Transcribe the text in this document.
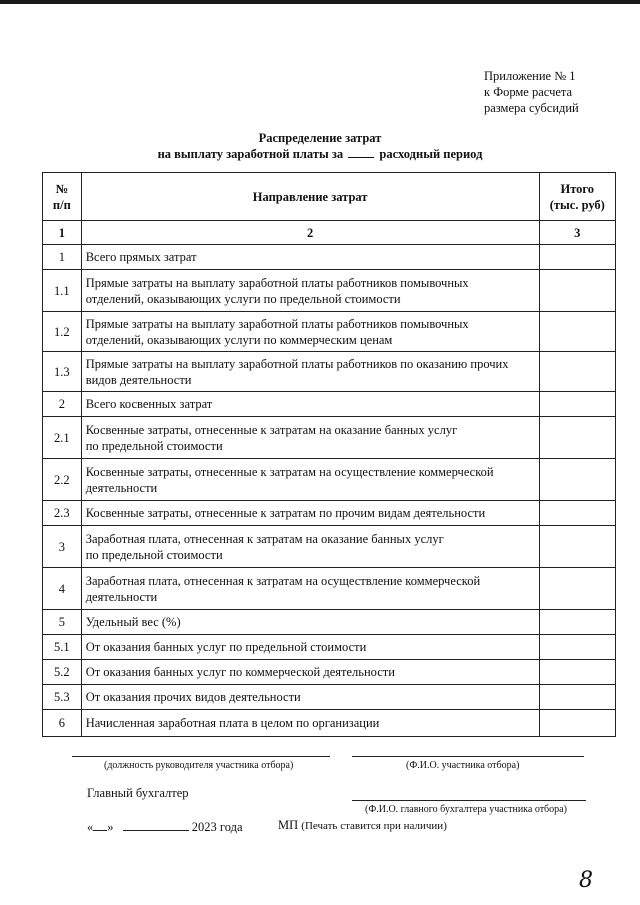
Приложение № 1
к Форме расчета
размера субсидий
Распределение затрат
на выплату заработной платы за	расходный период
№
п/п	Направление затрат	Итого
(тыс. руб)
1	2	3
1	Всего прямых затрат	
1.1	Прямые затраты на выплату заработной платы работников помывочных
отделений, оказывающих услуги по предельной стоимости	
1.2	Прямые затраты на выплату заработной платы работников помывочных
отделений, оказывающих услуги по коммерческим ценам	
1.3	Прямые затраты на выплату заработной платы работников по оказанию прочих
видов деятельности	
2	Всего косвенных затрат	
2.1	Косвенные затраты, отнесенные к затратам на оказание банных услуг
по предельной стоимости	
2.2	Косвенные затраты, отнесенные к затратам на осуществление коммерческой
деятельности	
2.3	Косвенные затраты, отнесенные к затратам по прочим видам деятельности	
3	Заработная плата, отнесенная к затратам на оказание банных услуг
по предельной стоимости	
4	Заработная плата, отнесенная к затратам на осуществление коммерческой
деятельности	
5	Удельный вес (%)	
5.1	От оказания банных услуг по предельной стоимости	
5.2	От оказания банных услуг по коммерческой деятельности	
5.3	От оказания прочих видов деятельности	
6	Начисленная заработная плата в целом по организации	
(должность руководителя участника отбора)	(Ф.И.О. участника отбора)
Главный бухгалтер
(Ф.И.О. главного бухгалтера участника отбора)
« »	2023 года	МП (Печать ставится при наличии)
8
